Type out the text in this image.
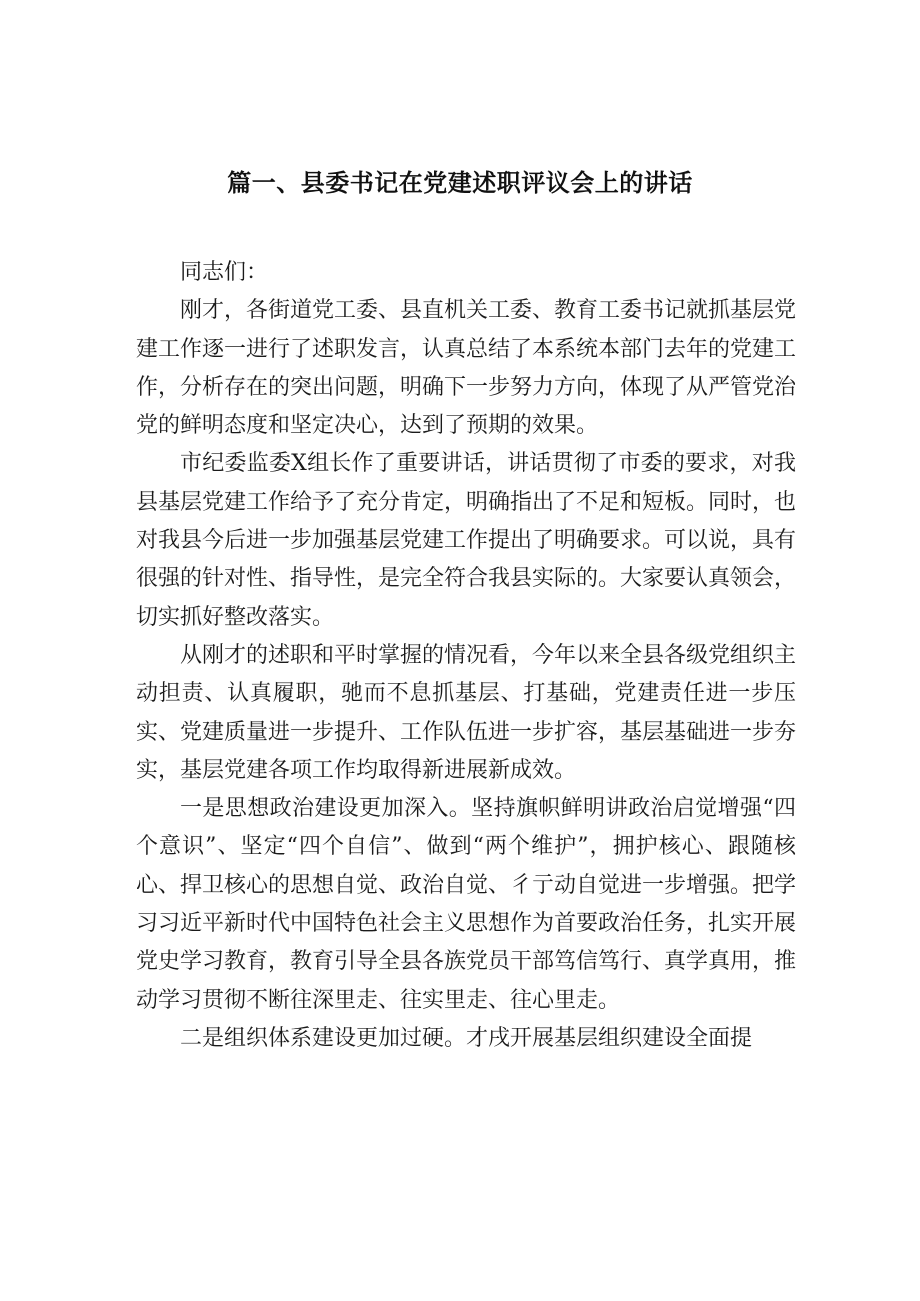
篇一、县委书记在党建述职评议会上的讲话

同志们：

刚才，各街道党工委、县直机关工委、教育工委书记就抓基层党建工作逐一进行了述职发言，认真总结了本系统本部门去年的党建工作，分析存在的突出问题，明确下一步努力方向，体现了从严管党治党的鲜明态度和坚定决心，达到了预期的效果。

市纪委监委X组长作了重要讲话，讲话贯彻了市委的要求，对我县基层党建工作给予了充分肯定，明确指出了不足和短板。同时，也对我县今后进一步加强基层党建工作提出了明确要求。可以说，具有很强的针对性、指导性，是完全符合我县实际的。大家要认真领会，切实抓好整改落实。

从刚才的述职和平时掌握的情况看，今年以来全县各级党组织主动担责、认真履职，驰而不息抓基层、打基础，党建责任进一步压实、党建质量进一步提升、工作队伍进一步扩容，基层基础进一步夯实，基层党建各项工作均取得新进展新成效。

一是思想政治建设更加深入。坚持旗帜鲜明讲政治启觉增强“四个意识”、坚定“四个自信”、做到“两个维护”，拥护核心、跟随核心、捍卫核心的思想自觉、政治自觉、彳亍动自觉进一步增强。把学习习近平新时代中国特色社会主义思想作为首要政治任务，扎实开展党史学习教育，教育引导全县各族党员干部笃信笃行、真学真用，推动学习贯彻不断往深里走、往实里走、往心里走。

二是组织体系建设更加过硬。才戌开展基层组织建设全面提
